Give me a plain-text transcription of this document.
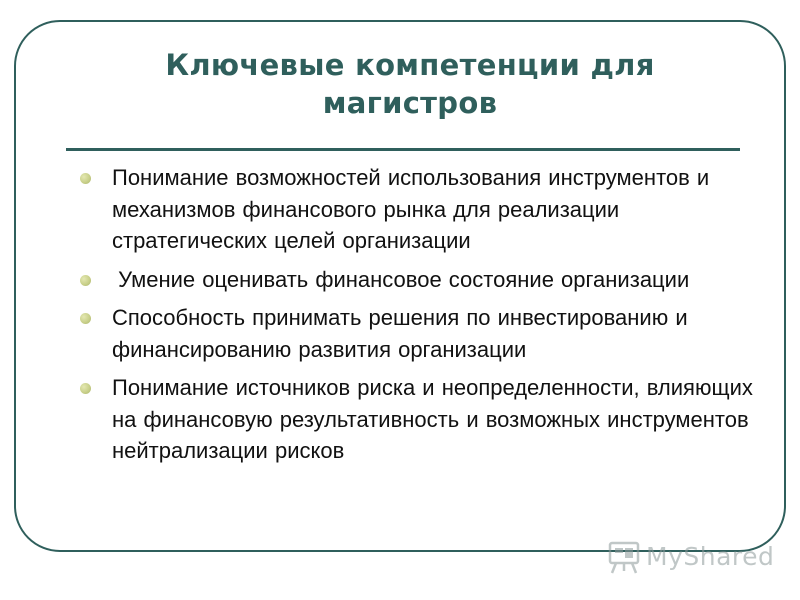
Ключевые компетенции для магистров
Понимание возможностей использования инструментов и механизмов финансового рынка для реализации стратегических целей организации
Умение оценивать финансовое состояние организации
Способность принимать решения по инвестированию и финансированию развития организации
Понимание источников риска и неопределенности, влияющих на финансовую результативность и возможных инструментов нейтрализации рисков
MyShared
